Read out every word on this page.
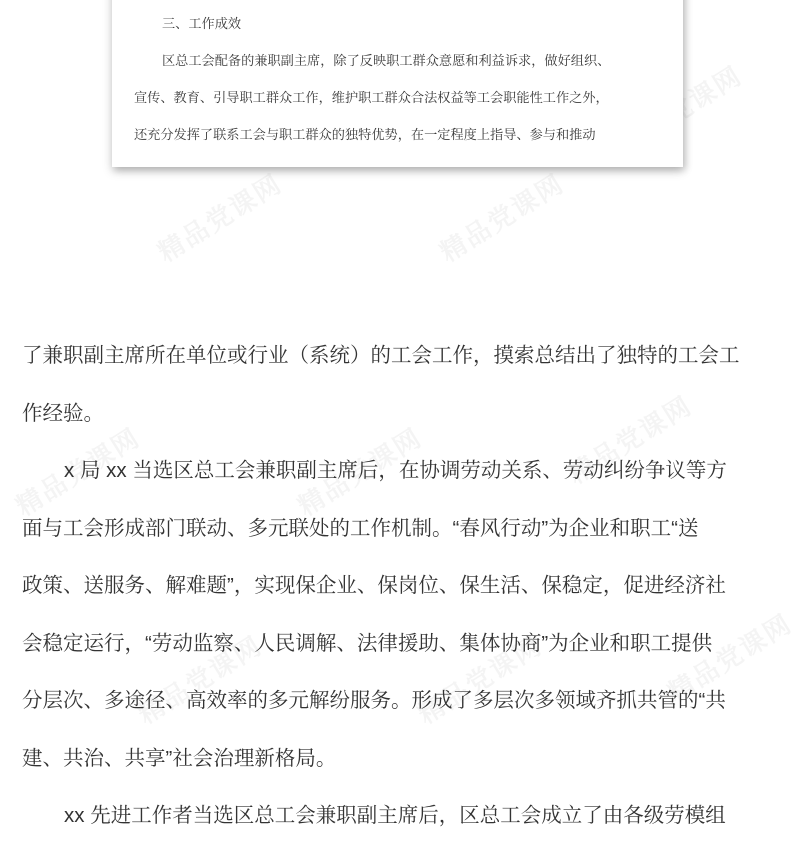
三、工作成效
区总工会配备的兼职副主席，除了反映职工群众意愿和利益诉求，做好组织、
宣传、教育、引导职工群众工作，维护职工群众合法权益等工会职能性工作之外，
还充分发挥了联系工会与职工群众的独特优势，在一定程度上指导、参与和推动
了兼职副主席所在单位或行业（系统）的工会工作，摸索总结出了独特的工会工
作经验。
x 局 xx 当选区总工会兼职副主席后，在协调劳动关系、劳动纠纷争议等方
面与工会形成部门联动、多元联处的工作机制。“春风行动”为企业和职工“送
政策、送服务、解难题”，实现保企业、保岗位、保生活、保稳定，促进经济社
会稳定运行，“劳动监察、人民调解、法律援助、集体协商”为企业和职工提供
分层次、多途径、高效率的多元解纷服务。形成了多层次多领域齐抓共管的“共
建、共治、共享”社会治理新格局。
xx 先进工作者当选区总工会兼职副主席后，区总工会成立了由各级劳模组
